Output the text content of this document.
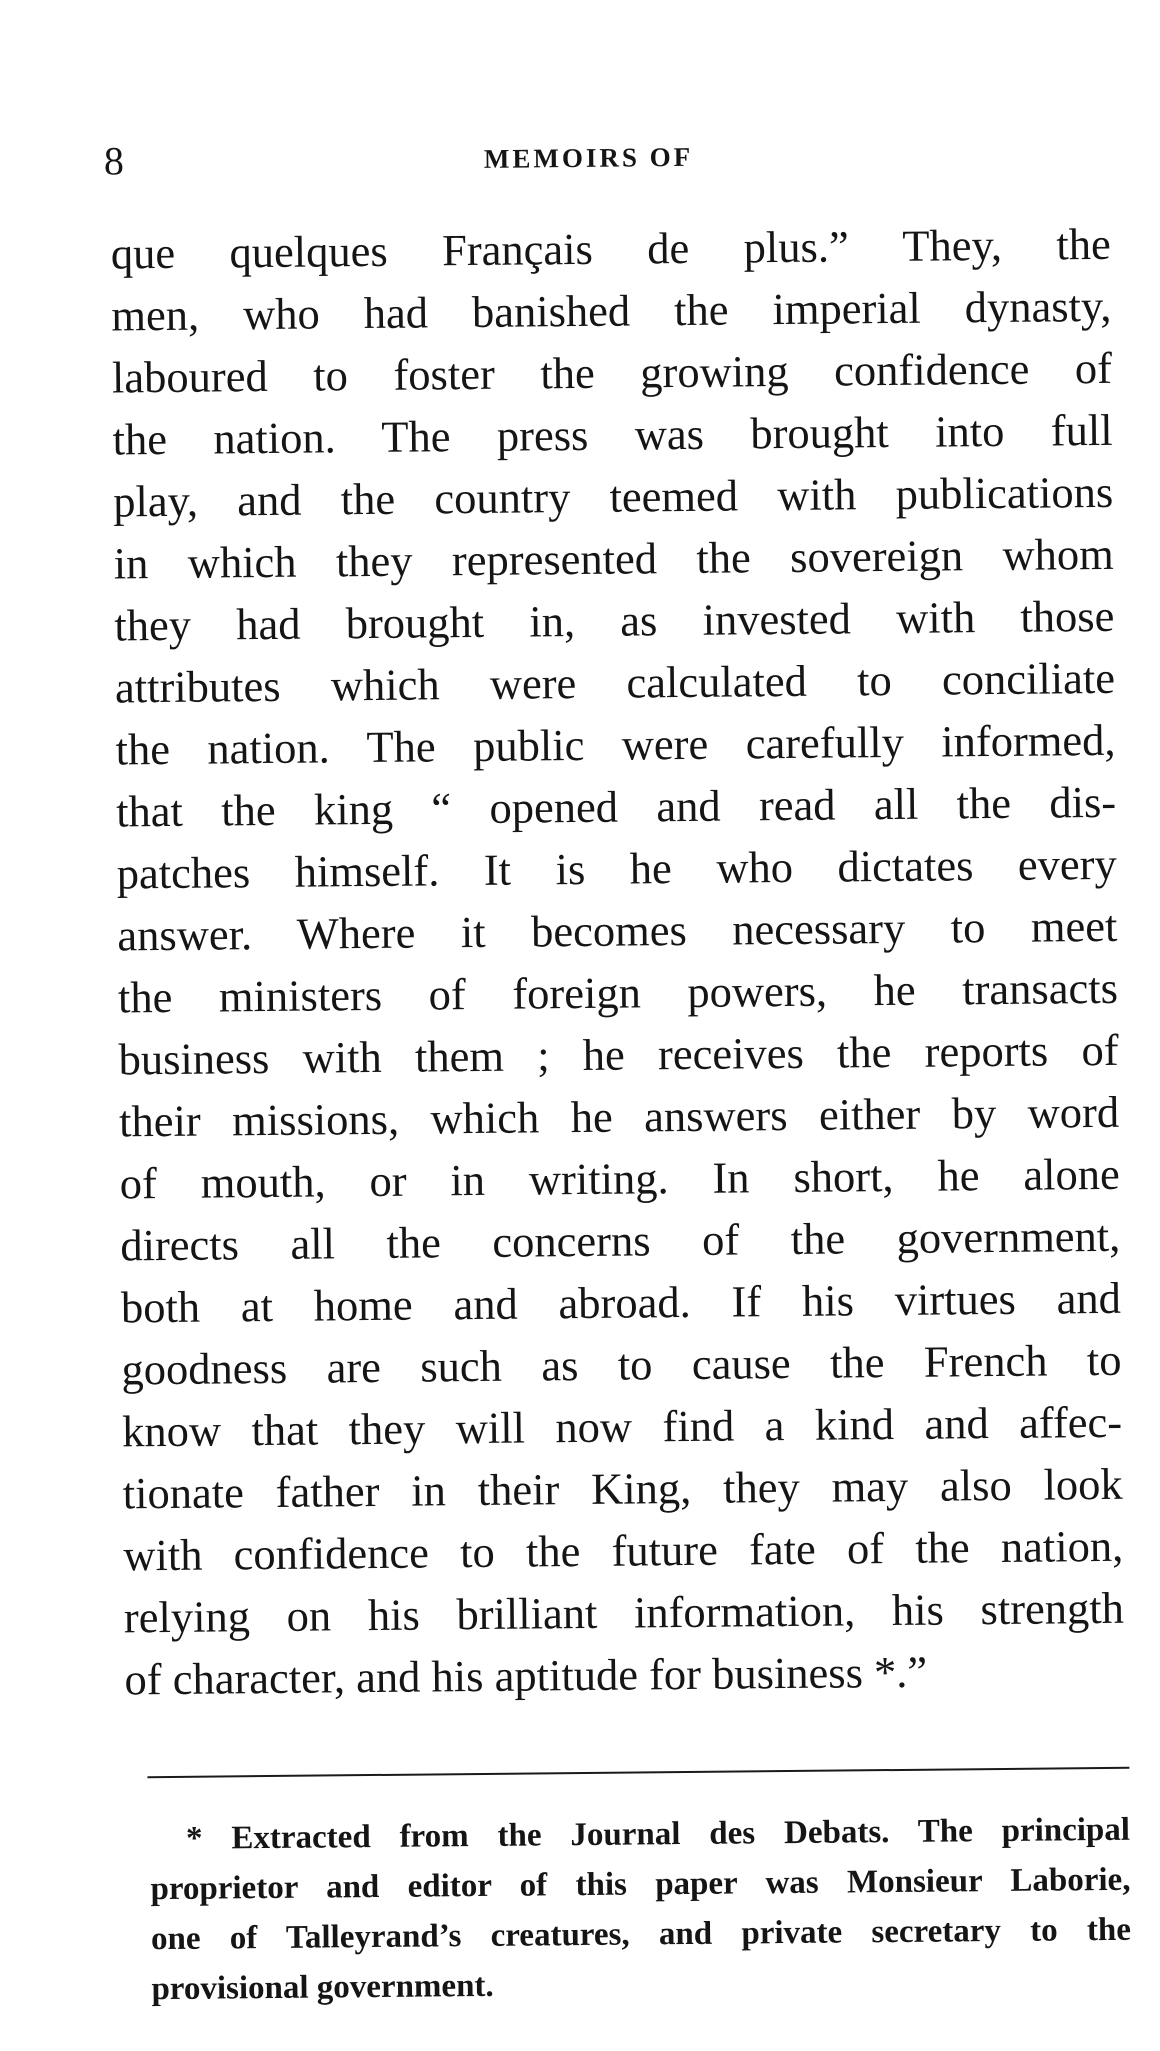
8	MEMOIRS OF
que quelques Français de plus.” They, the
men, who had banished the imperial dynasty,
laboured to foster the growing confidence of
the nation. The press was brought into full
play, and the country teemed with publications
in which they represented the sovereign whom
they had brought in, as invested with those
attributes which were calculated to conciliate
the nation. The public were carefully informed,
that the king “ opened and read all the dis-
patches himself. It is he who dictates every
answer. Where it becomes necessary to meet
the ministers of foreign powers, he transacts
business with them ; he receives the reports of
their missions, which he answers either by word
of mouth, or in writing. In short, he alone
directs all the concerns of the government,
both at home and abroad. If his virtues and
goodness are such as to cause the French to
know that they will now find a kind and affec-
tionate father in their King, they may also look
with confidence to the future fate of the nation,
relying on his brilliant information, his strength
of character, and his aptitude for business *.”
* Extracted from the Journal des Debats. The principal
proprietor and editor of this paper was Monsieur Laborie,
one of Talleyrand’s creatures, and private secretary to the
provisional government.
